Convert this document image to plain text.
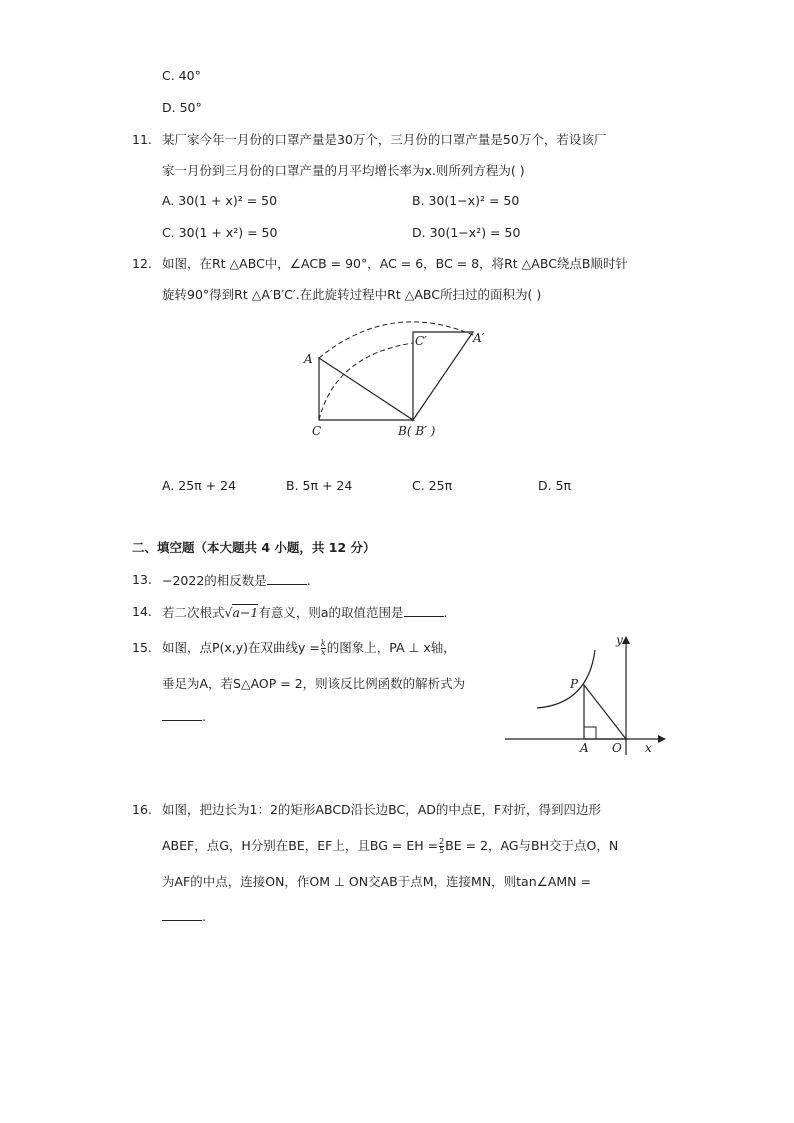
C. 40°
D. 50°
11. 某厂家今年一月份的口罩产量是30万个，三月份的口罩产量是50万个，若设该厂
家一月份到三月份的口罩产量的月平均增长率为x.则所列方程为( )
A. 30(1 + x)² = 50	B. 30(1−x)² = 50
C. 30(1 + x²) = 50	D. 30(1−x²) = 50
12. 如图，在Rt △ABC中，∠ACB = 90°，AC = 6，BC = 8，将Rt △ABC绕点B顺时针
旋转90°得到Rt △A′B′C′.在此旋转过程中Rt △ABC所扫过的面积为( )
A
C	B( B′ )
C′	A′
A. 25π + 24	B. 5π + 24	C. 25π	D. 5π
二、填空题（本大题共 4 小题，共 12 分）
13. −2022的相反数是	.
14. 若二次根式√a−1有意义，则a的取值范围是	.
15. 如图，点P(x,y)在双曲线$y = \frac{k}{x}$ 的图象上，PA ⊥ x轴，
垂足为A，若S△AOP = 2，则该反比例函数的解析式为
.
y
x
P
A O
16. 如图，把边长为1：2的矩形ABCD沿长边BC，AD的中点E，F对折，得到四边形
ABEF，点G，H分别在BE，EF上，且BG = EH = $\frac{2}{5}$ BE = 2，AG与BH交于点O，N
为AF的中点，连接ON，作OM ⊥ ON交AB于点M，连接MN，则tan∠AMN =
.
